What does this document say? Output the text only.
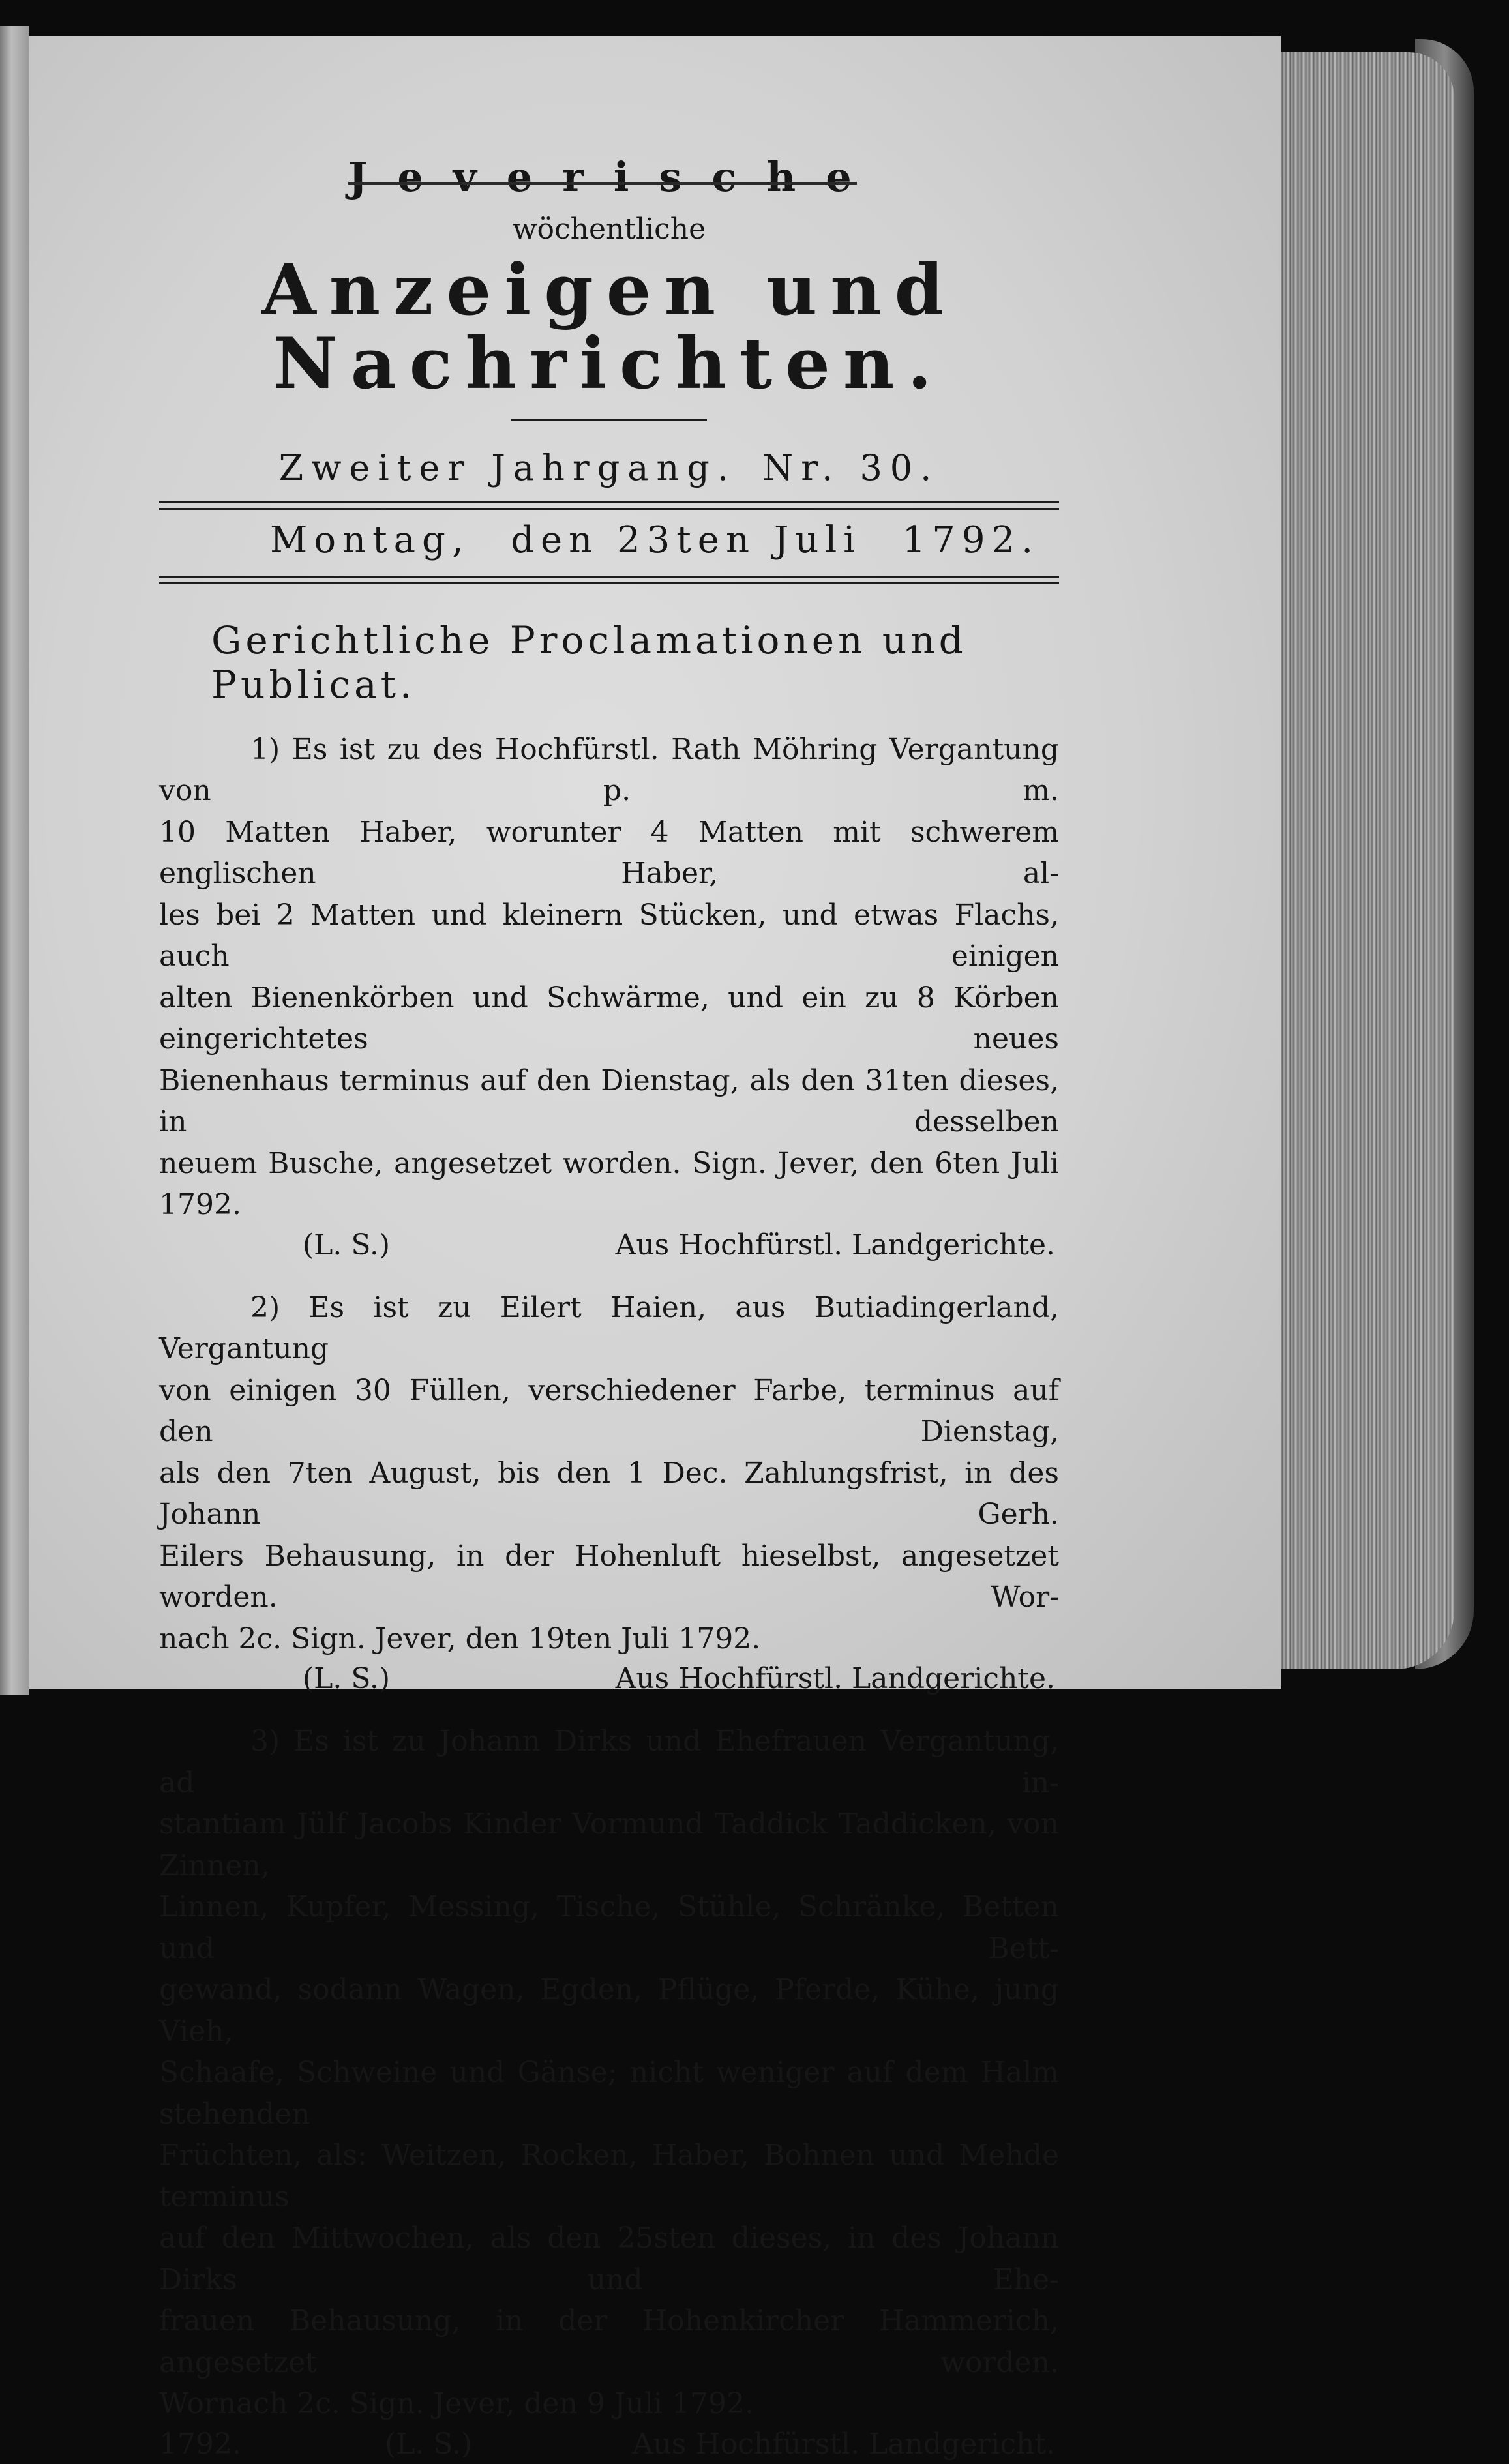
Jeverische
wöchentliche
Anzeigen und Nachrichten.
Zweiter Jahrgang. Nr. 30.
Montag, den 23ten Juli 1792.
Gerichtliche Proclamationen und Publicat.

1) Es ist zu des Hochfürstl. Rath Möhring Vergantung von p. m.

10 Matten Haber, worunter 4 Matten mit schwerem englischen Haber, al-

les bei 2 Matten und kleinern Stücken, und etwas Flachs, auch einigen

alten Bienenkörben und Schwärme, und ein zu 8 Körben eingerichtetes neues

Bienenhaus terminus auf den Dienstag, als den 31ten dieses, in desselben

neuem Busche, angesetzet worden. Sign. Jever, den 6ten Juli 1792.

(L. S.)	Aus Hochfürstl. Landgerichte.

2) Es ist zu Eilert Haien, aus Butiadingerland, Vergantung

von einigen 30 Füllen, verschiedener Farbe, terminus auf den Dienstag,

als den 7ten August, bis den 1 Dec. Zahlungsfrist, in des Johann Gerh.

Eilers Behausung, in der Hohenluft hieselbst, angesetzet worden. Wor-

nach 2c. Sign. Jever, den 19ten Juli 1792.

(L. S.)	Aus Hochfürstl. Landgerichte.

3) Es ist zu Johann Dirks und Ehefrauen Vergantung, ad in-

stantiam Jülf Jacobs Kinder Vormund Taddick Taddicken, von Zinnen,

Linnen, Kupfer, Messing, Tische, Stühle, Schränke, Betten und Bett-

gewand, sodann Wagen, Egden, Pflüge, Pferde, Kühe, jung Vieh,

Schaafe, Schweine und Gänse; nicht weniger auf dem Halm stehenden

Früchten, als: Weitzen, Rocken, Haber, Bohnen und Mehde terminus

auf den Mittwochen, als den 25sten dieses, in des Johann Dirks und Ehe-

frauen Behausung, in der Hohenkircher Hammerich, angesetzet worden.

Wornach 2c. Sign. Jever, den 9 Juli 1792.

1792.	(L. S.)	Aus Hochfürstl. Landgericht.
